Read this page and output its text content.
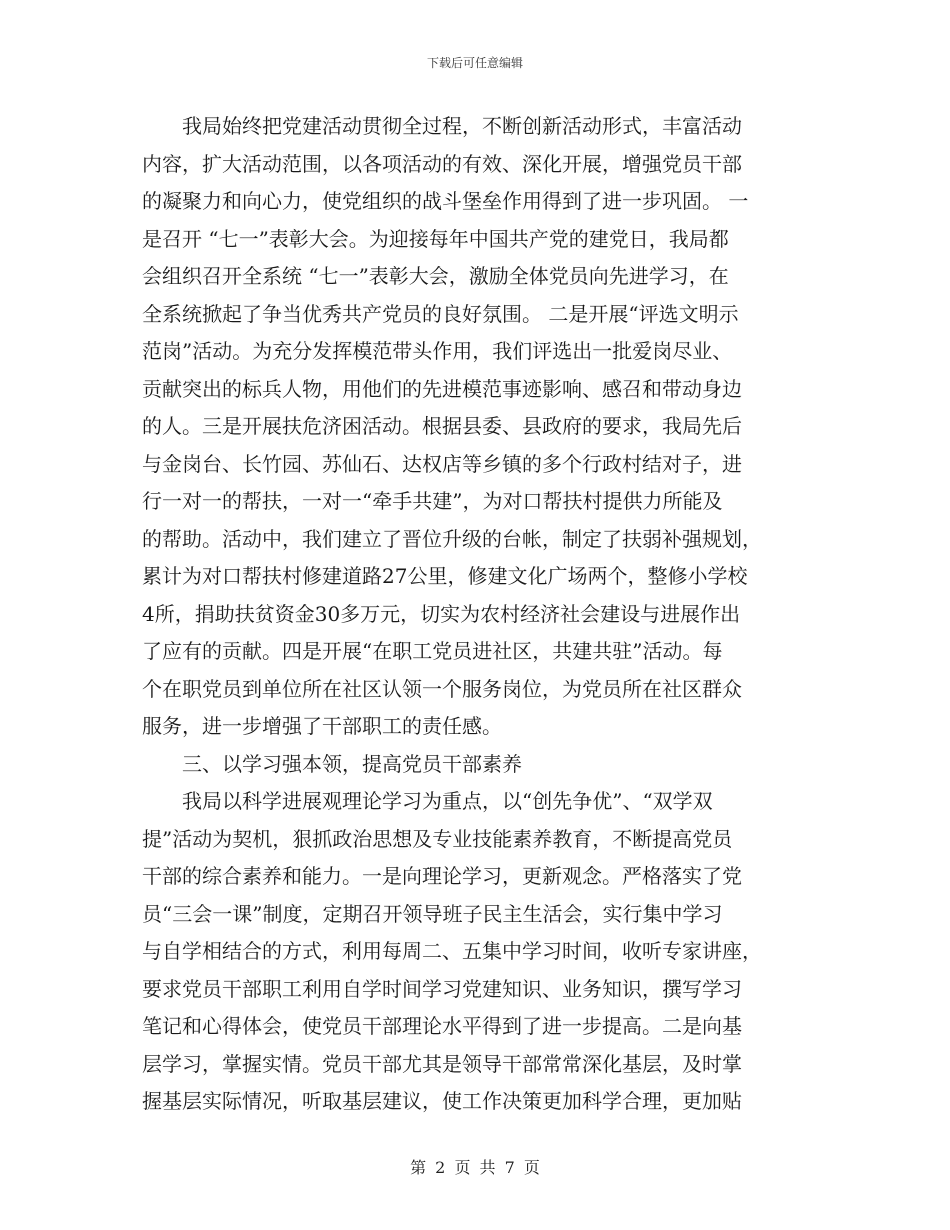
下载后可任意编辑
　　我局始终把党建活动贯彻全过程，不断创新活动形式，丰富活动
内容，扩大活动范围，以各项活动的有效、深化开展，增强党员干部
的凝聚力和向心力，使党组织的战斗堡垒作用得到了进一步巩固。 一
是召开 “七一”表彰大会。为迎接每年中国共产党的建党日，我局都
会组织召开全系统 “七一”表彰大会，激励全体党员向先进学习，在
全系统掀起了争当优秀共产党员的良好氛围。 二是开展“评选文明示
范岗”活动。为充分发挥模范带头作用，我们评选出一批爱岗尽业、
贡献突出的标兵人物，用他们的先进模范事迹影响、感召和带动身边
的人。三是开展扶危济困活动。根据县委、县政府的要求，我局先后
与金岗台、长竹园、苏仙石、达权店等乡镇的多个行政村结对子，进
行一对一的帮扶，一对一“牵手共建”，为对口帮扶村提供力所能及
的帮助。活动中，我们建立了晋位升级的台帐，制定了扶弱补强规划，
累计为对口帮扶村修建道路27公里，修建文化广场两个，整修小学校
4所，捐助扶贫资金30多万元，切实为农村经济社会建设与进展作出
了应有的贡献。四是开展“在职工党员进社区，共建共驻”活动。每
个在职党员到单位所在社区认领一个服务岗位，为党员所在社区群众
服务，进一步增强了干部职工的责任感。
　　三、以学习强本领，提高党员干部素养
　　我局以科学进展观理论学习为重点，以“创先争优”、“双学双
提”活动为契机，狠抓政治思想及专业技能素养教育，不断提高党员
干部的综合素养和能力。一是向理论学习，更新观念。严格落实了党
员“三会一课”制度，定期召开领导班子民主生活会，实行集中学习
与自学相结合的方式，利用每周二、五集中学习时间，收听专家讲座，
要求党员干部职工利用自学时间学习党建知识、业务知识，撰写学习
笔记和心得体会，使党员干部理论水平得到了进一步提高。二是向基
层学习，掌握实情。党员干部尤其是领导干部常常深化基层，及时掌
握基层实际情况，听取基层建议，使工作决策更加科学合理，更加贴
第 2 页 共 7 页
